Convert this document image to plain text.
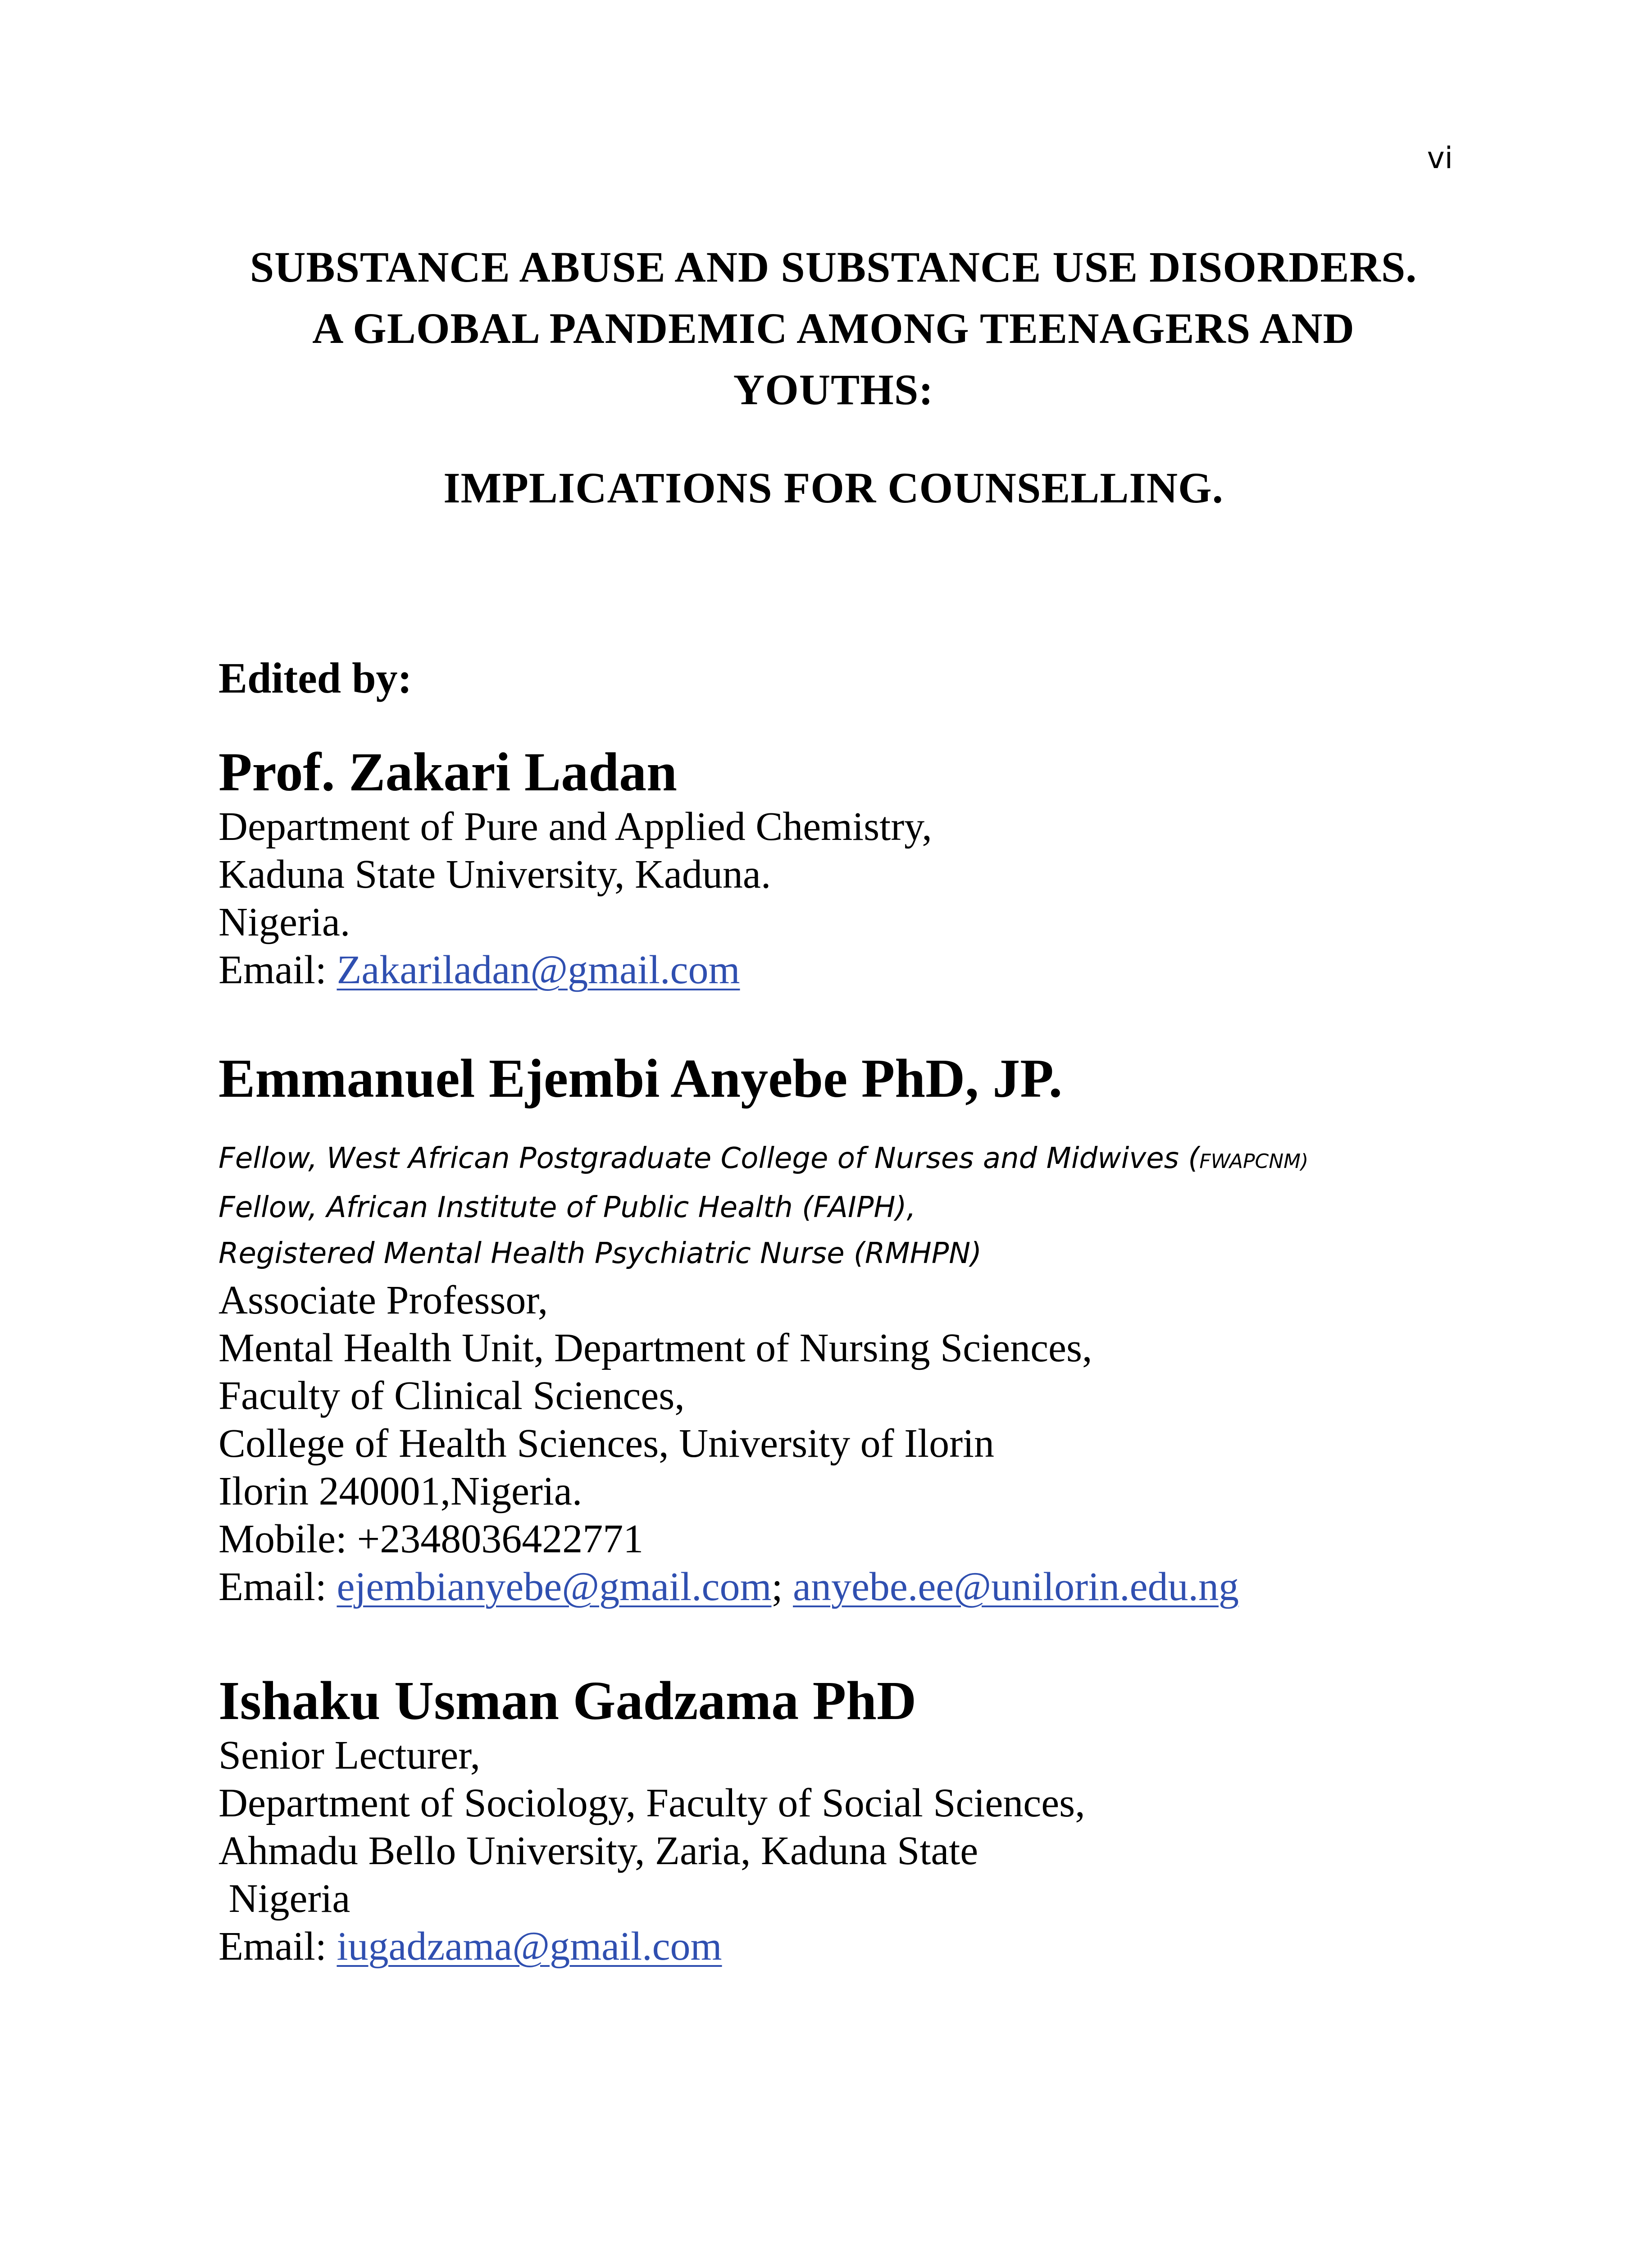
vi
SUBSTANCE ABUSE AND SUBSTANCE USE DISORDERS.
A GLOBAL PANDEMIC AMONG TEENAGERS AND
YOUTHS:
IMPLICATIONS FOR COUNSELLING.

Edited by:

Prof. Zakari Ladan

Department of Pure and Applied Chemistry,

Kaduna State University, Kaduna.

Nigeria.

Email: Zakariladan@gmail.com

Emmanuel Ejembi Anyebe PhD, JP.

Fellow, West African Postgraduate College of Nurses and Midwives (FWAPCNM)

Fellow, African Institute of Public Health (FAIPH),

Registered Mental Health Psychiatric Nurse (RMHPN)

Associate Professor,

Mental Health Unit, Department of Nursing Sciences,

Faculty of Clinical Sciences,

College of Health Sciences, University of Ilorin

Ilorin 240001,Nigeria.

Mobile: +2348036422771

Email: ejembianyebe@gmail.com; anyebe.ee@unilorin.edu.ng

Ishaku Usman Gadzama PhD

Senior Lecturer,

Department of Sociology, Faculty of Social Sciences,

Ahmadu Bello University, Zaria, Kaduna State

Nigeria

Email: iugadzama@gmail.com
